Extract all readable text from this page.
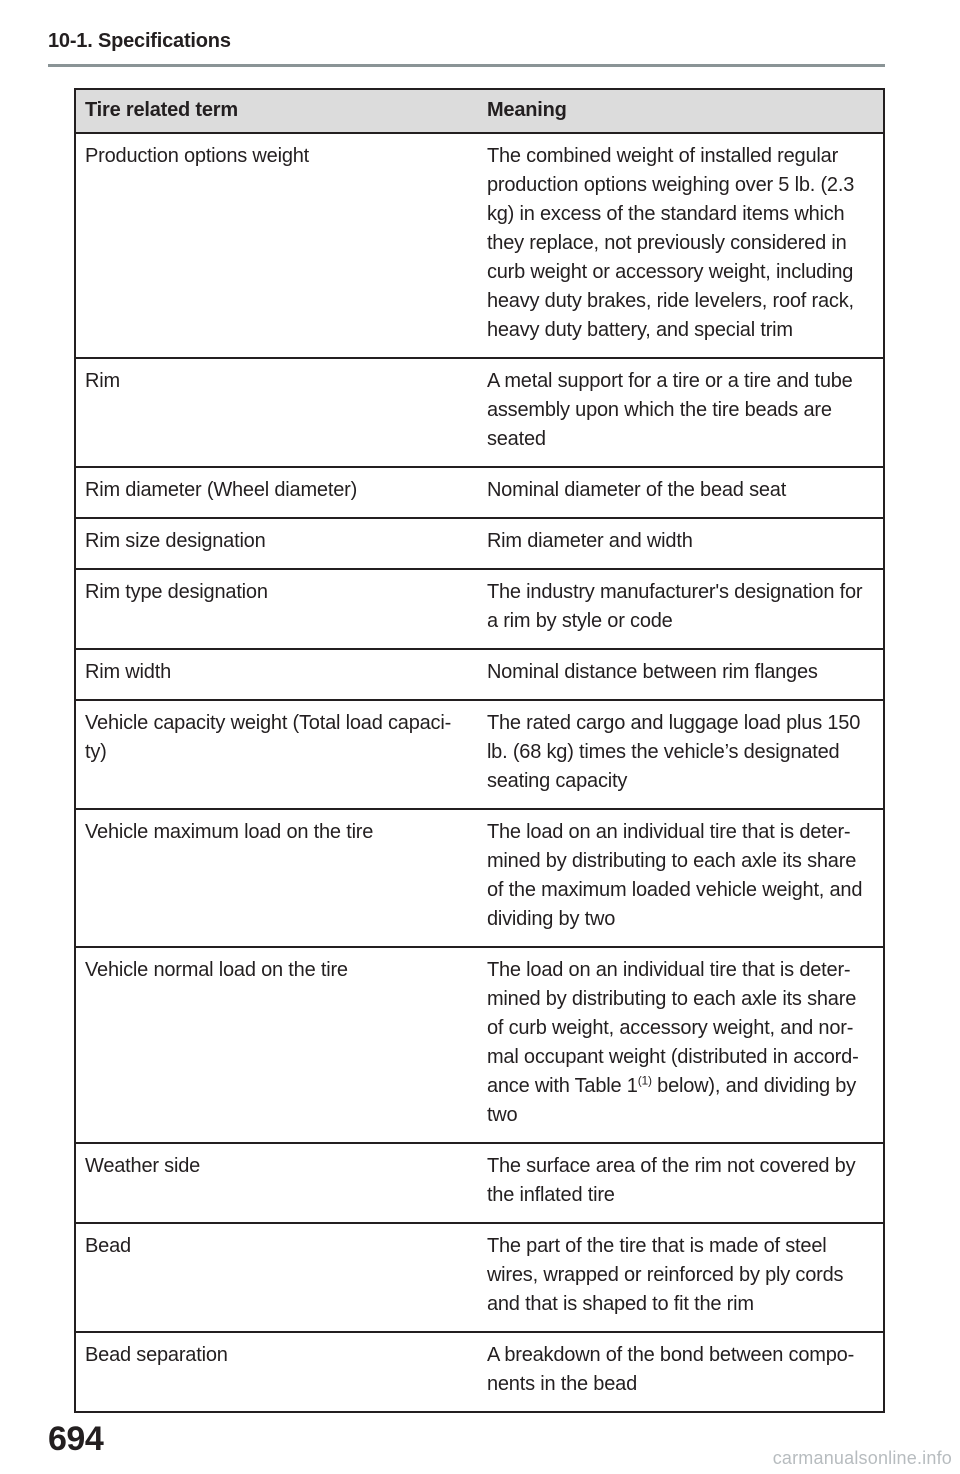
10-1. Specifications
Tire related term	Meaning
Production options weight	The combined weight of installed regular production options weighing over 5 lb. (2.3 kg) in excess of the standard items which they replace, not previously considered in curb weight or accessory weight, including heavy duty brakes, ride levelers, roof rack, heavy duty battery, and special trim
Rim	A metal support for a tire or a tire and tube assembly upon which the tire beads are seated
Rim diameter (Wheel diameter)	Nominal diameter of the bead seat
Rim size designation	Rim diameter and width
Rim type designation	The industry manufacturer's designation for a rim by style or code
Rim width	Nominal distance between rim flanges
Vehicle capacity weight (Total load capaci-ty)	The rated cargo and luggage load plus 150 lb. (68 kg) times the vehicle’s designated seating capacity
Vehicle maximum load on the tire	The load on an individual tire that is deter-mined by distributing to each axle its share of the maximum loaded vehicle weight, and dividing by two
Vehicle normal load on the tire	The load on an individual tire that is deter-mined by distributing to each axle its share of curb weight, accessory weight, and nor-mal occupant weight (distributed in accord-ance with Table 1$^{(1)}$ below), and dividing by two
Weather side	The surface area of the rim not covered by the inflated tire
Bead	The part of the tire that is made of steel wires, wrapped or reinforced by ply cords and that is shaped to fit the rim
Bead separation	A breakdown of the bond between compo-nents in the bead
694	carmanualsonline.info
